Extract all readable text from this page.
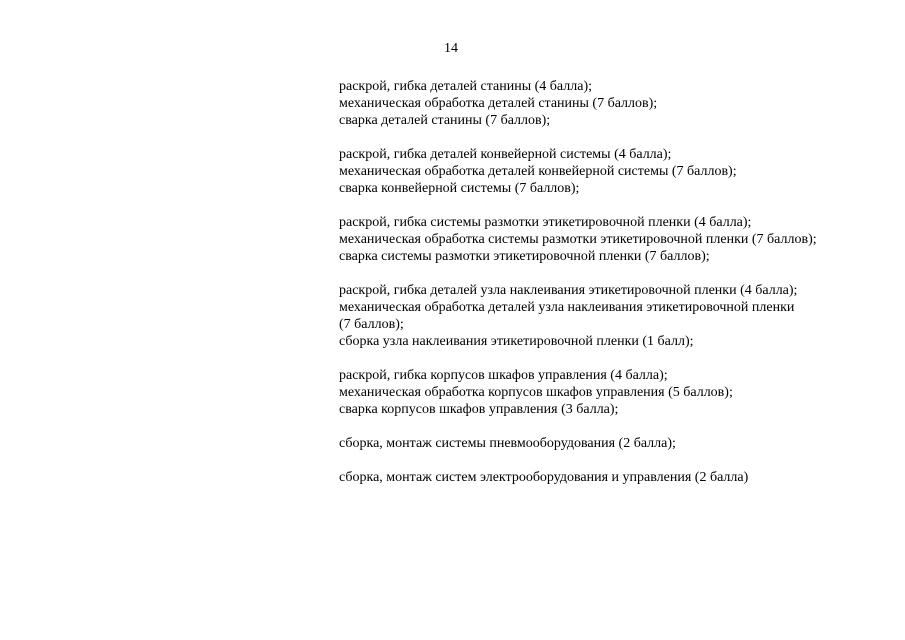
14
раскрой, гибка деталей станины (4 балла);
механическая обработка деталей станины (7 баллов);
сварка деталей станины (7 баллов);
раскрой, гибка деталей конвейерной системы (4 балла);
механическая обработка деталей конвейерной системы (7 баллов);
сварка конвейерной системы (7 баллов);
раскрой, гибка системы размотки этикетировочной пленки (4 балла);
механическая обработка системы размотки этикетировочной пленки (7 баллов);
сварка системы размотки этикетировочной пленки (7 баллов);
раскрой, гибка деталей узла наклеивания этикетировочной пленки (4 балла);
механическая обработка деталей узла наклеивания этикетировочной пленки
(7 баллов);
сборка узла наклеивания этикетировочной пленки (1 балл);
раскрой, гибка корпусов шкафов управления (4 балла);
механическая обработка корпусов шкафов управления (5 баллов);
сварка корпусов шкафов управления (3 балла);
сборка, монтаж системы пневмооборудования (2 балла);
сборка, монтаж систем электрооборудования и управления (2 балла)
